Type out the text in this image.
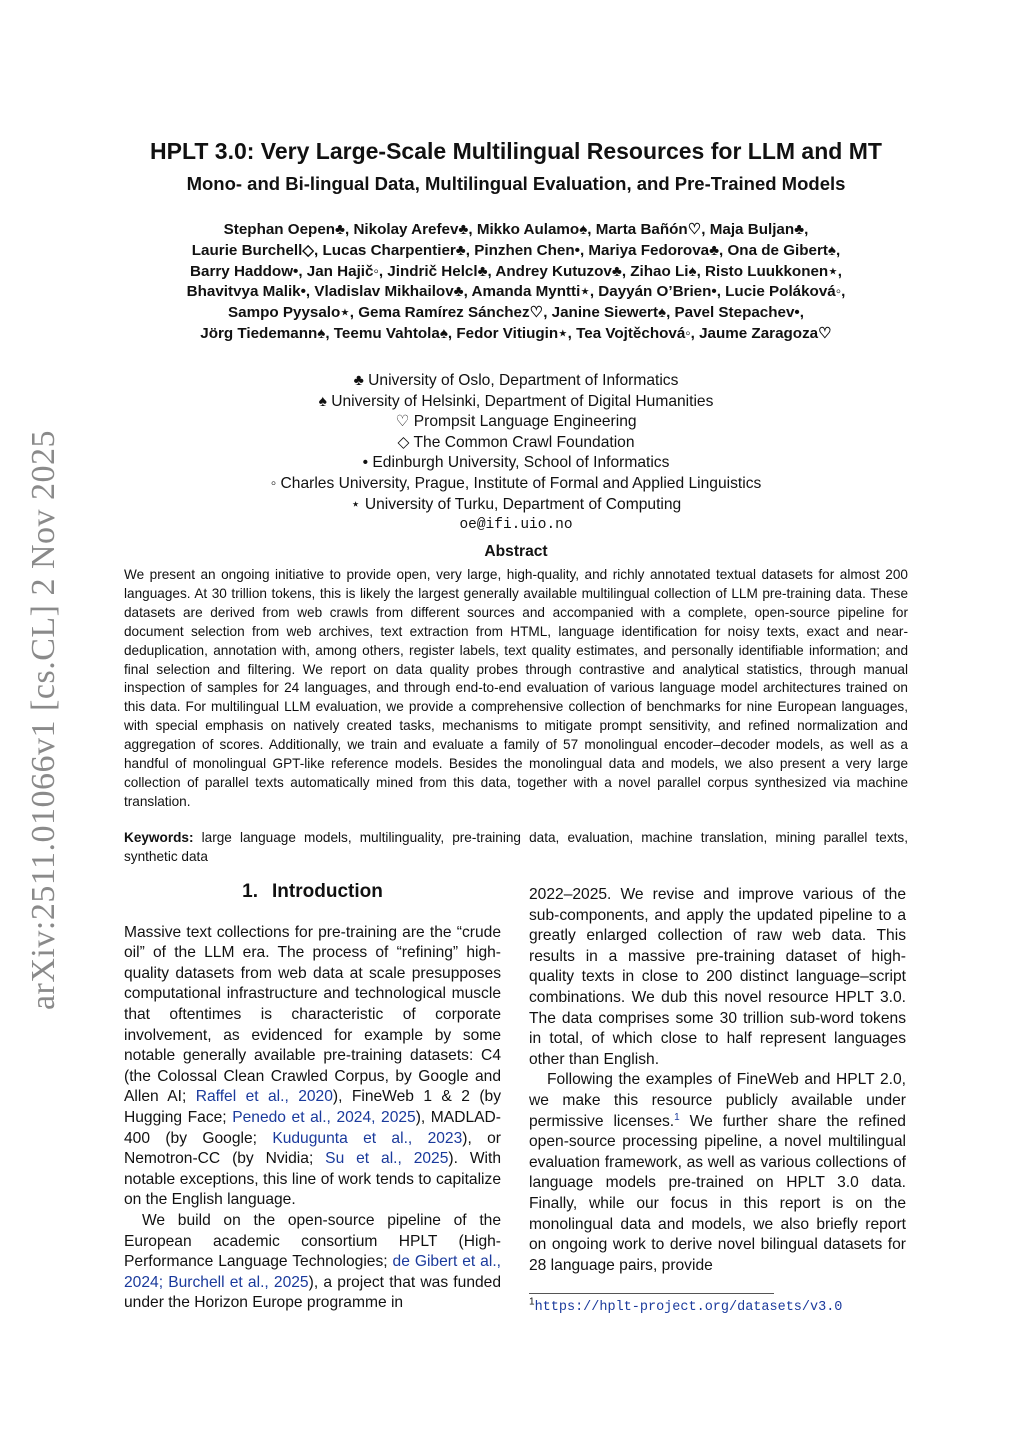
arXiv:2511.01066v1 [cs.CL] 2 Nov 2025
HPLT 3.0: Very Large-Scale Multilingual Resources for LLM and MT
Mono- and Bi-lingual Data, Multilingual Evaluation, and Pre-Trained Models
Stephan Oepen♣, Nikolay Arefev♣, Mikko Aulamo♠, Marta Bañón♡, Maja Buljan♣,
Laurie Burchell◇, Lucas Charpentier♣, Pinzhen Chen•, Mariya Fedorova♣, Ona de Gibert♠,
Barry Haddow•, Jan Hajič◦, Jindrič Helcl♣, Andrey Kutuzov♣, Zihao Li♠, Risto Luukkonen⋆,
Bhavitvya Malik•, Vladislav Mikhailov♣, Amanda Myntti⋆, Dayyán O’Brien•, Lucie Poláková◦,
Sampo Pyysalo⋆, Gema Ramírez Sánchez♡, Janine Siewert♠, Pavel Stepachev•,
Jörg Tiedemann♠, Teemu Vahtola♠, Fedor Vitiugin⋆, Tea Vojtěchová◦, Jaume Zaragoza♡
♣ University of Oslo, Department of Informatics
♠ University of Helsinki, Department of Digital Humanities
♡ Prompsit Language Engineering
◇ The Common Crawl Foundation
• Edinburgh University, School of Informatics
◦ Charles University, Prague, Institute of Formal and Applied Linguistics
⋆ University of Turku, Department of Computing
oe@ifi.uio.no
Abstract
We present an ongoing initiative to provide open, very large, high-quality, and richly annotated textual datasets for almost 200 languages. At 30 trillion tokens, this is likely the largest generally available multilingual collection of LLM pre-training data. These datasets are derived from web crawls from different sources and accompanied with a complete, open-source pipeline for document selection from web archives, text extraction from HTML, language identification for noisy texts, exact and near-deduplication, annotation with, among others, register labels, text quality estimates, and personally identifiable information; and final selection and filtering. We report on data quality probes through contrastive and analytical statistics, through manual inspection of samples for 24 languages, and through end-to-end evaluation of various language model architectures trained on this data. For multilingual LLM evaluation, we provide a comprehensive collection of benchmarks for nine European languages, with special emphasis on natively created tasks, mechanisms to mitigate prompt sensitivity, and refined normalization and aggregation of scores. Additionally, we train and evaluate a family of 57 monolingual encoder–decoder models, as well as a handful of monolingual GPT-like reference models. Besides the monolingual data and models, we also present a very large collection of parallel texts automatically mined from this data, together with a novel parallel corpus synthesized via machine translation.
Keywords: large language models, multilinguality, pre-training data, evaluation, machine translation, mining parallel texts, synthetic data
1. Introduction

Massive text collections for pre-training are the “crude oil” of the LLM era. The process of “refining” high-quality datasets from web data at scale presupposes computational infrastructure and technological muscle that oftentimes is characteristic of corporate involvement, as evidenced for example by some notable generally available pre-training datasets: C4 (the Colossal Clean Crawled Corpus, by Google and Allen AI; Raffel et al., 2020), FineWeb 1 & 2 (by Hugging Face; Penedo et al., 2024, 2025), MADLAD-400 (by Google; Kudugunta et al., 2023), or Nemotron-CC (by Nvidia; Su et al., 2025). With notable exceptions, this line of work tends to capitalize on the English language.

We build on the open-source pipeline of the European academic consortium HPLT (High-Performance Language Technologies; de Gibert et al., 2024; Burchell et al., 2025), a project that was funded under the Horizon Europe programme in

2022–2025. We revise and improve various of the sub-components, and apply the updated pipeline to a greatly enlarged collection of raw web data. This results in a massive pre-training dataset of high-quality texts in close to 200 distinct language–script combinations. We dub this novel resource HPLT 3.0. The data comprises some 30 trillion sub-word tokens in total, of which close to half represent languages other than English.

Following the examples of FineWeb and HPLT 2.0, we make this resource publicly available under permissive licenses.$^1$ We further share the refined open-source processing pipeline, a novel multilingual evaluation framework, as well as various collections of language models pre-trained on HPLT 3.0 data. Finally, while our focus in this report is on the monolingual data and models, we also briefly report on ongoing work to derive novel bilingual datasets for 28 language pairs, provide

$^1$https://hplt-project.org/datasets/v3.0
